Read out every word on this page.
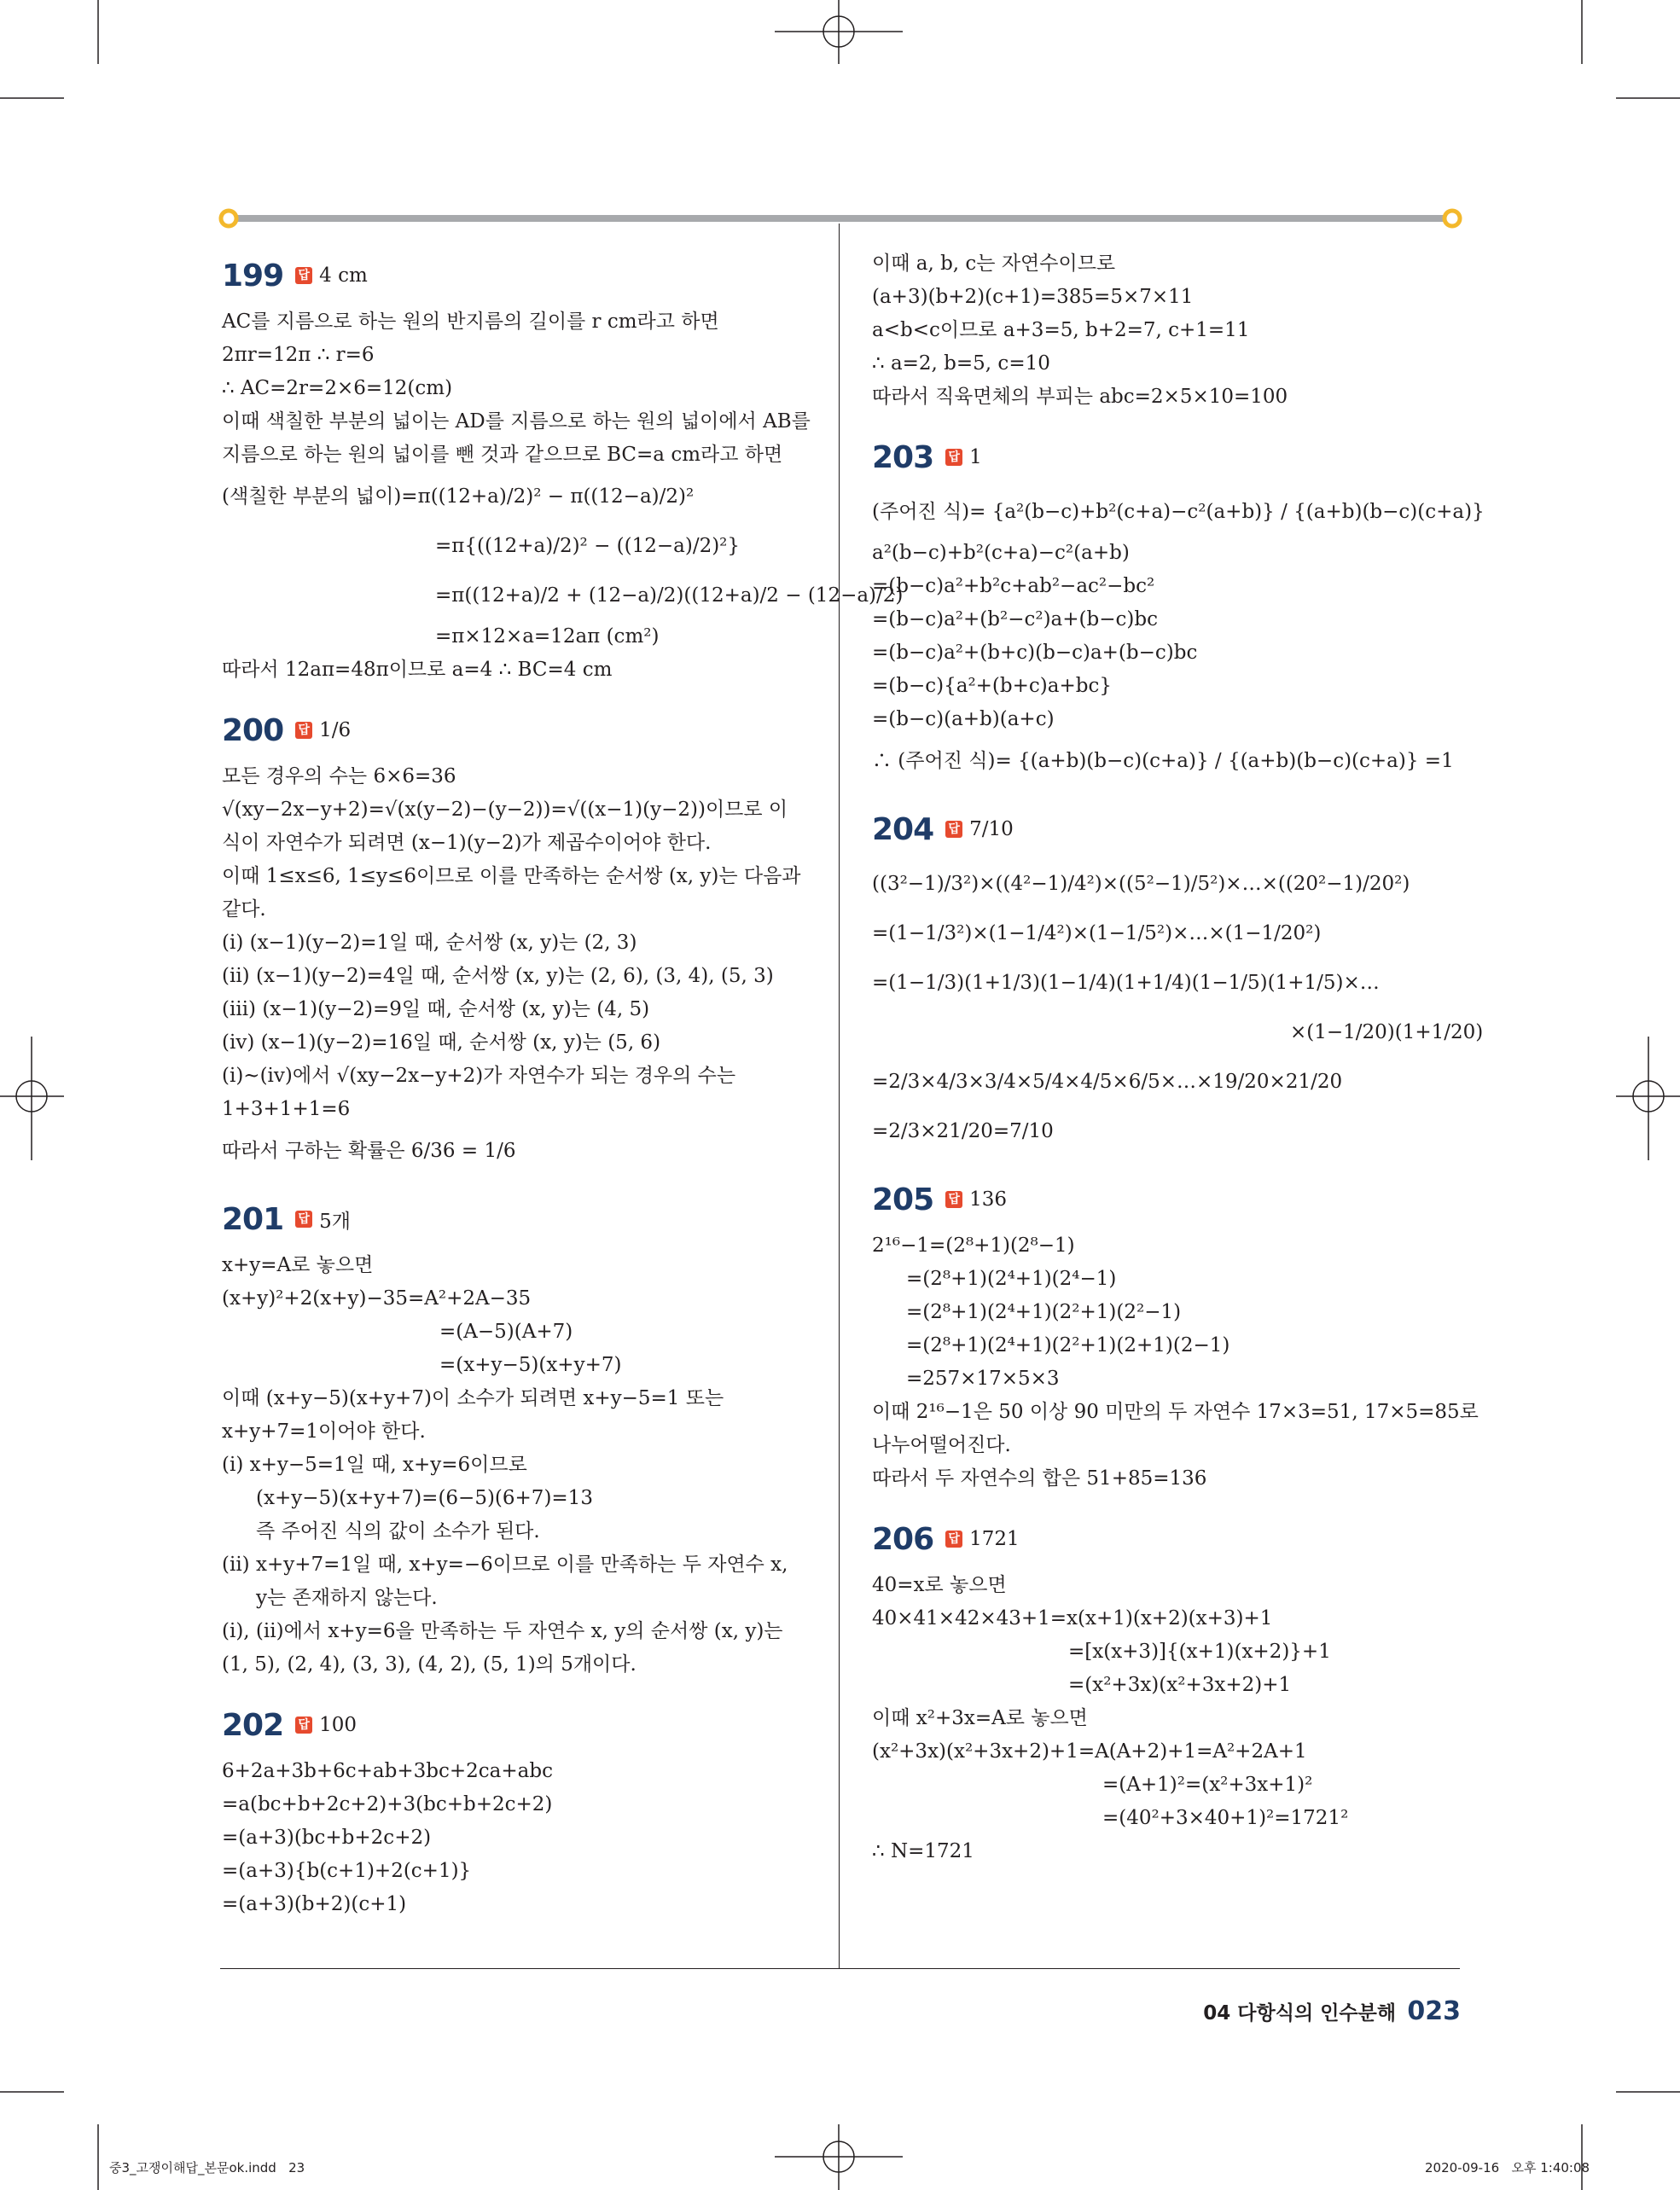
199 답 4 cm
AC를 지름으로 하는 원의 반지름의 길이를 r cm라고 하면
2πr=12π ∴ r=6
∴ AC=2r=2×6=12(cm)
이때 색칠한 부분의 넓이는 AD를 지름으로 하는 원의 넓이에서 AB를
지름으로 하는 원의 넓이를 뺀 것과 같으므로 BC=a cm라고 하면
(색칠한 부분의 넓이)=π((12+a)/2)² − π((12−a)/2)²
=π{((12+a)/2)² − ((12−a)/2)²}
=π((12+a)/2 + (12−a)/2)((12+a)/2 − (12−a)/2)
=π×12×a=12aπ (cm²)
따라서 12aπ=48π이므로 a=4 ∴ BC=4 cm
200 답 1/6
모든 경우의 수는 6×6=36
√(xy−2x−y+2)=√(x(y−2)−(y−2))=√((x−1)(y−2))이므로 이
식이 자연수가 되려면 (x−1)(y−2)가 제곱수이어야 한다.
이때 1≤x≤6, 1≤y≤6이므로 이를 만족하는 순서쌍 (x, y)는 다음과
같다.
(ⅰ) (x−1)(y−2)=1일 때, 순서쌍 (x, y)는 (2, 3)
(ⅱ) (x−1)(y−2)=4일 때, 순서쌍 (x, y)는 (2, 6), (3, 4), (5, 3)
(ⅲ) (x−1)(y−2)=9일 때, 순서쌍 (x, y)는 (4, 5)
(ⅳ) (x−1)(y−2)=16일 때, 순서쌍 (x, y)는 (5, 6)
(ⅰ)~(ⅳ)에서 √(xy−2x−y+2)가 자연수가 되는 경우의 수는
1+3+1+1=6
따라서 구하는 확률은 6/36 = 1/6
201 답 5개
x+y=A로 놓으면
(x+y)²+2(x+y)−35=A²+2A−35
=(A−5)(A+7)
=(x+y−5)(x+y+7)
이때 (x+y−5)(x+y+7)이 소수가 되려면 x+y−5=1 또는
x+y+7=1이어야 한다.
(ⅰ) x+y−5=1일 때, x+y=6이므로
(x+y−5)(x+y+7)=(6−5)(6+7)=13
즉 주어진 식의 값이 소수가 된다.
(ⅱ) x+y+7=1일 때, x+y=−6이므로 이를 만족하는 두 자연수 x,
y는 존재하지 않는다.
(ⅰ), (ⅱ)에서 x+y=6을 만족하는 두 자연수 x, y의 순서쌍 (x, y)는
(1, 5), (2, 4), (3, 3), (4, 2), (5, 1)의 5개이다.
202 답 100
6+2a+3b+6c+ab+3bc+2ca+abc
=a(bc+b+2c+2)+3(bc+b+2c+2)
=(a+3)(bc+b+2c+2)
=(a+3){b(c+1)+2(c+1)}
=(a+3)(b+2)(c+1)
이때 a, b, c는 자연수이므로
(a+3)(b+2)(c+1)=385=5×7×11
a<b<c이므로 a+3=5, b+2=7, c+1=11
∴ a=2, b=5, c=10
따라서 직육면체의 부피는 abc=2×5×10=100
203 답 1
(주어진 식)= {a²(b−c)+b²(c+a)−c²(a+b)} / {(a+b)(b−c)(c+a)}
a²(b−c)+b²(c+a)−c²(a+b)
=(b−c)a²+b²c+ab²−ac²−bc²
=(b−c)a²+(b²−c²)a+(b−c)bc
=(b−c)a²+(b+c)(b−c)a+(b−c)bc
=(b−c){a²+(b+c)a+bc}
=(b−c)(a+b)(a+c)
∴ (주어진 식)= {(a+b)(b−c)(c+a)} / {(a+b)(b−c)(c+a)} =1
204 답 7/10
((3²−1)/3²)×((4²−1)/4²)×((5²−1)/5²)×…×((20²−1)/20²)
=(1−1/3²)×(1−1/4²)×(1−1/5²)×…×(1−1/20²)
=(1−1/3)(1+1/3)(1−1/4)(1+1/4)(1−1/5)(1+1/5)×…
×(1−1/20)(1+1/20)
=2/3×4/3×3/4×5/4×4/5×6/5×…×19/20×21/20
=2/3×21/20=7/10
205 답 136
2¹⁶−1=(2⁸+1)(2⁸−1)
=(2⁸+1)(2⁴+1)(2⁴−1)
=(2⁸+1)(2⁴+1)(2²+1)(2²−1)
=(2⁸+1)(2⁴+1)(2²+1)(2+1)(2−1)
=257×17×5×3
이때 2¹⁶−1은 50 이상 90 미만의 두 자연수 17×3=51, 17×5=85로
나누어떨어진다.
따라서 두 자연수의 합은 51+85=136
206 답 1721
40=x로 놓으면
40×41×42×43+1=x(x+1)(x+2)(x+3)+1
=[x(x+3)]{(x+1)(x+2)}+1
=(x²+3x)(x²+3x+2)+1
이때 x²+3x=A로 놓으면
(x²+3x)(x²+3x+2)+1=A(A+2)+1=A²+2A+1
=(A+1)²=(x²+3x+1)²
=(40²+3×40+1)²=1721²
∴ N=1721
04 다항식의 인수분해 023
중3_고쟁이해답_본문ok.indd   23	2020-09-16   오후 1:40:08
